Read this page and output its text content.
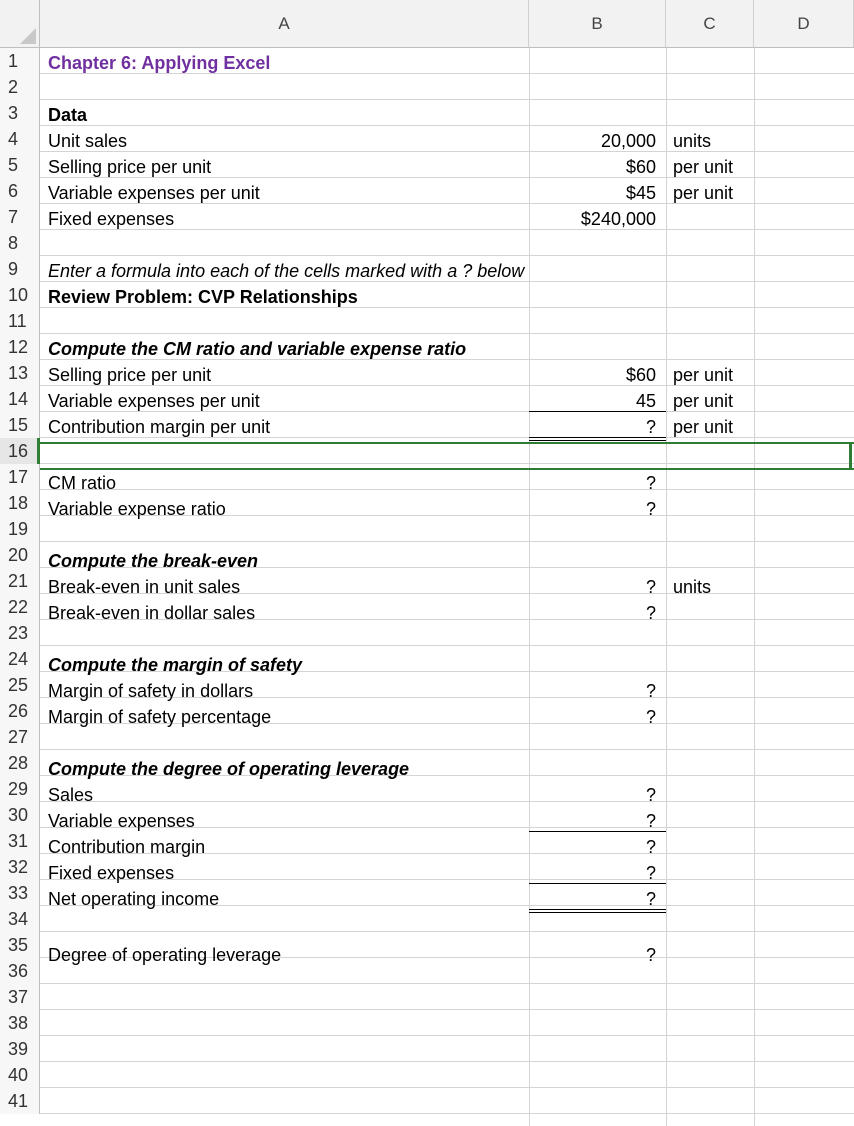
A	B	C	D
1
2
3
4
5
6
7
8
9
10
11
12
13
14
15
16
17
18
19
20
21
22
23
24
25
26
27
28
29
30
31
32
33
34
35
36
37
38
39
40
41
Chapter 6: Applying Excel
Data
Unit sales	20,000 units
Selling price per unit	$60 per unit
Variable expenses per unit	$45 per unit
Fixed expenses	$240,000
Enter a formula into each of the cells marked with a ? below
Review Problem: CVP Relationships
Compute the CM ratio and variable expense ratio
Selling price per unit	$60 per unit
Variable expenses per unit	45 per unit
Contribution margin per unit	? per unit
CM ratio	?
Variable expense ratio	?
Compute the break-even
Break-even in unit sales	? units
Break-even in dollar sales	?
Compute the margin of safety
Margin of safety in dollars	?
Margin of safety percentage	?
Compute the degree of operating leverage
Sales	?
Variable expenses	?
Contribution margin	?
Fixed expenses	?
Net operating income	?
Degree of operating leverage	?
